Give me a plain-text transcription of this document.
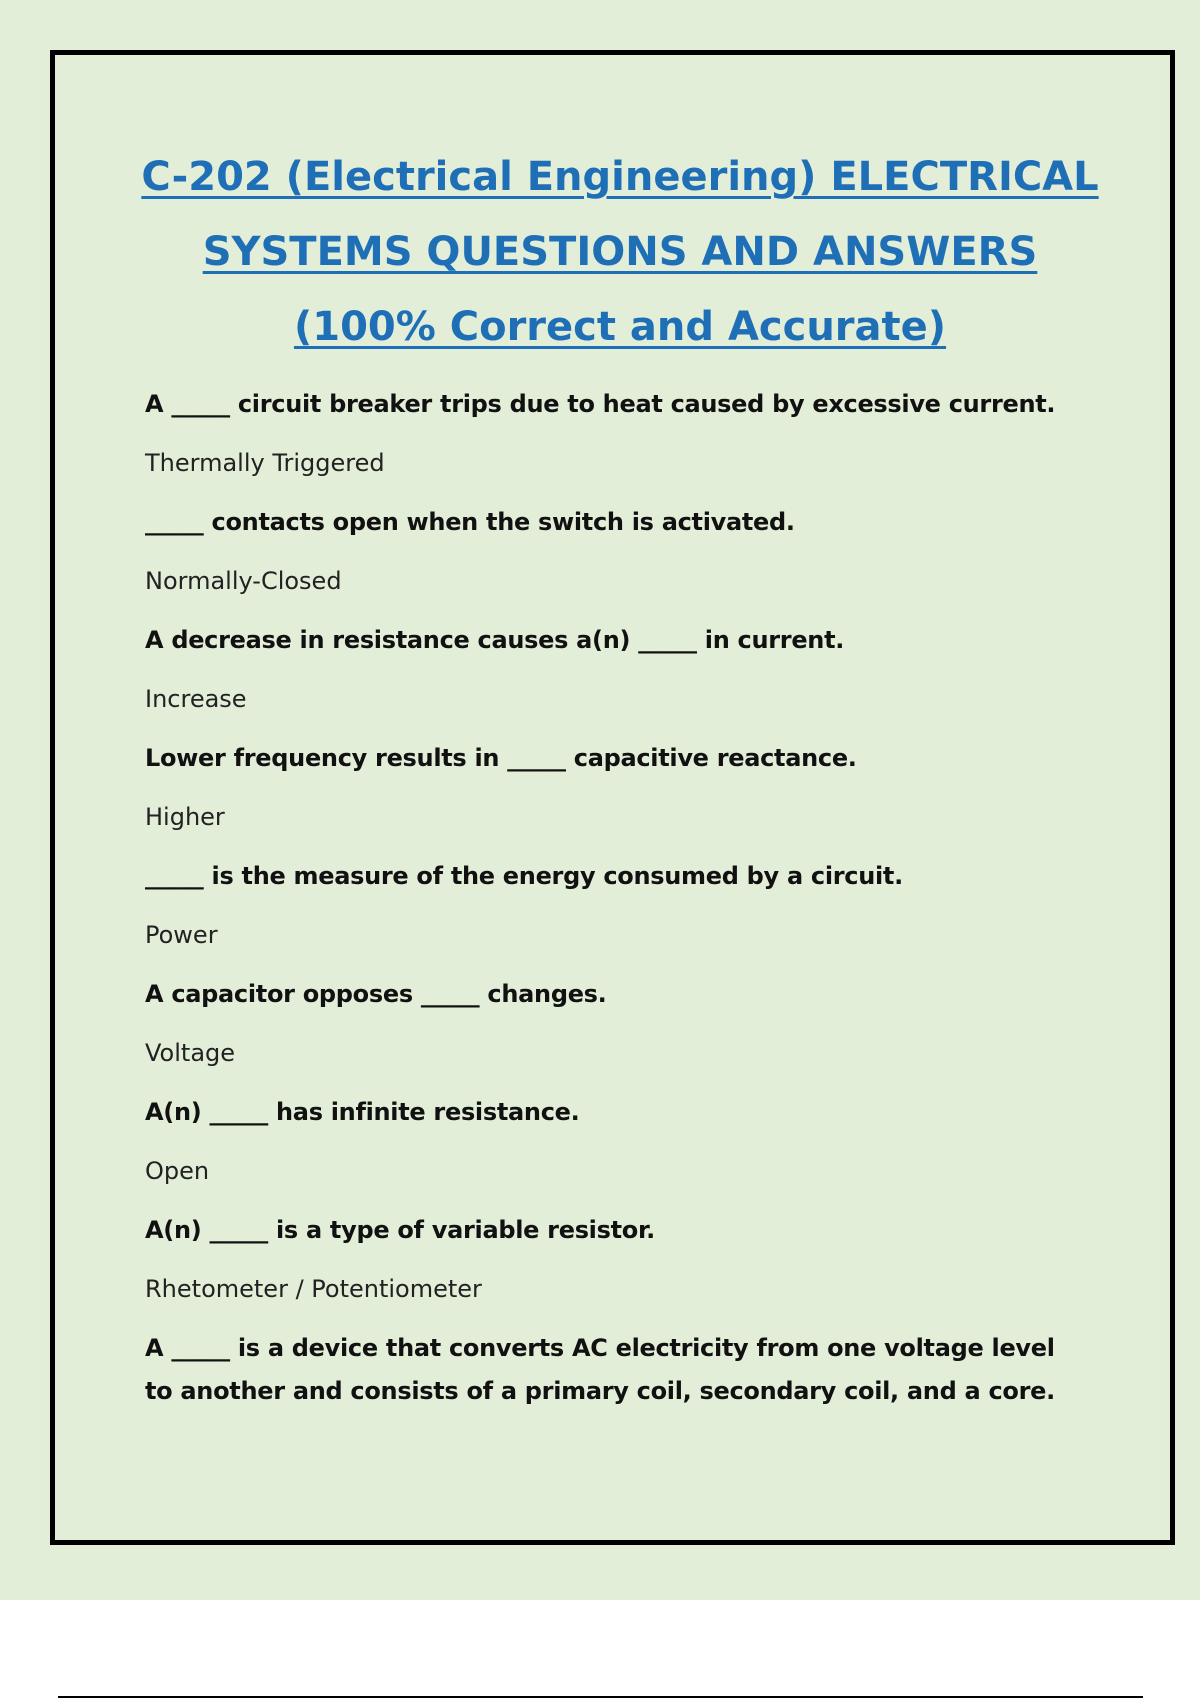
C-202 (Electrical Engineering) ELECTRICAL
SYSTEMS QUESTIONS AND ANSWERS
(100% Correct and Accurate)

A _____ circuit breaker trips due to heat caused by excessive current.

Thermally Triggered

_____ contacts open when the switch is activated.

Normally-Closed

A decrease in resistance causes a(n) _____ in current.

Increase

Lower frequency results in _____ capacitive reactance.

Higher

_____ is the measure of the energy consumed by a circuit.

Power

A capacitor opposes _____ changes.

Voltage

A(n) _____ has infinite resistance.

Open

A(n) _____ is a type of variable resistor.

Rhetometer / Potentiometer

A _____ is a device that converts AC electricity from one voltage level to another and consists of a primary coil, secondary coil, and a core.
